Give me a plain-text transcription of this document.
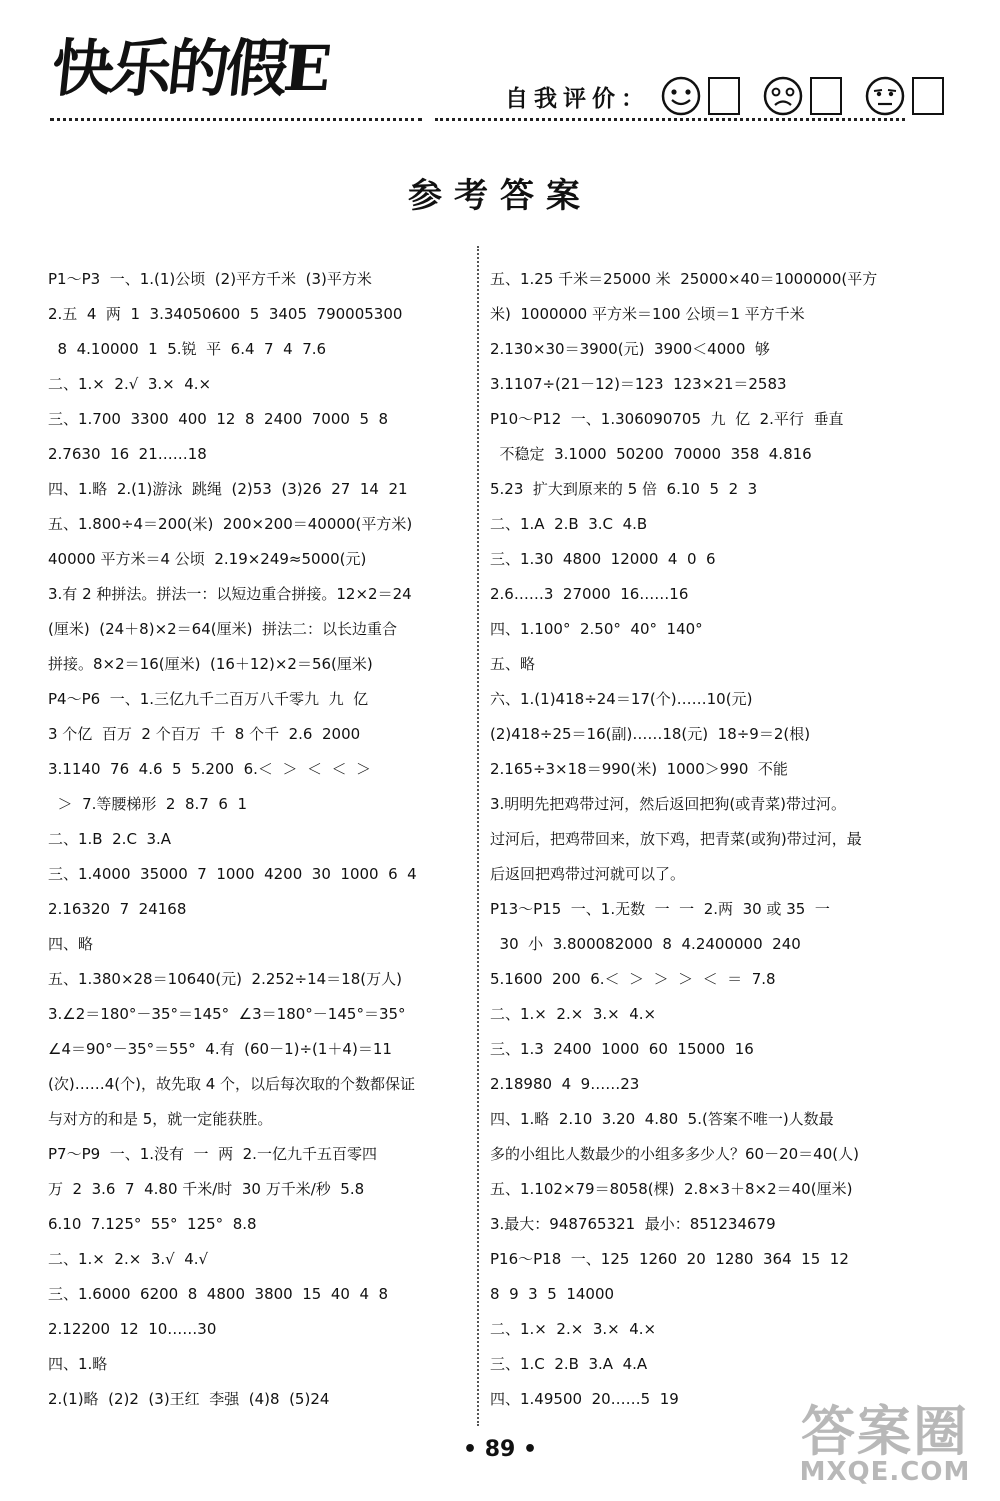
快乐的假E	自我评价：
参考答案
P1～P3  一、1.(1)公顷  (2)平方千米  (3)平方米
2.五  4  两  1  3.34050600  5  3405  790005300
8  4.10000  1  5.锐  平  6.4  7  4  7.6
二、1.×  2.√  3.×  4.×
三、1.700  3300  400  12  8  2400  7000  5  8
2.7630  16  21……18
四、1.略  2.(1)游泳  跳绳  (2)53  (3)26  27  14  21
五、1.800÷4＝200(米)  200×200＝40000(平方米)
40000 平方米＝4 公顷  2.19×249≈5000(元)
3.有 2 种拼法。拼法一：以短边重合拼接。12×2＝24
(厘米)  (24＋8)×2＝64(厘米)  拼法二：以长边重合
拼接。8×2＝16(厘米)  (16＋12)×2＝56(厘米)
P4～P6  一、1.三亿九千二百万八千零九  九  亿
3 个亿  百万  2 个百万  千  8 个千  2.6  2000
3.1140  76  4.6  5  5.200  6.＜  ＞  ＜  ＜  ＞
＞  7.等腰梯形  2  8.7  6  1
二、1.B  2.C  3.A
三、1.4000  35000  7  1000  4200  30  1000  6  4
2.16320  7  24168
四、略
五、1.380×28＝10640(元)  2.252÷14＝18(万人)
3.∠2＝180°－35°＝145°  ∠3＝180°－145°＝35°
∠4＝90°－35°＝55°  4.有  (60－1)÷(1＋4)＝11
(次)……4(个)，故先取 4 个，以后每次取的个数都保证
与对方的和是 5，就一定能获胜。
P7～P9  一、1.没有  一  两  2.一亿九千五百零四
万  2  3.6  7  4.80 千米/时  30 万千米/秒  5.8
6.10  7.125°  55°  125°  8.8
二、1.×  2.×  3.√  4.√
三、1.6000  6200  8  4800  3800  15  40  4  8
2.12200  12  10……30
四、1.略
2.(1)略  (2)2  (3)王红  李强  (4)8  (5)24
五、1.25 千米＝25000 米  25000×40＝1000000(平方
米)  1000000 平方米＝100 公顷＝1 平方千米
2.130×30＝3900(元)  3900＜4000  够
3.1107÷(21－12)＝123  123×21＝2583
P10～P12  一、1.306090705  九  亿  2.平行  垂直
不稳定  3.1000  50200  70000  358  4.816
5.23  扩大到原来的 5 倍  6.10  5  2  3
二、1.A  2.B  3.C  4.B
三、1.30  4800  12000  4  0  6
2.6……3  27000  16……16
四、1.100°  2.50°  40°  140°
五、略
六、1.(1)418÷24＝17(个)……10(元)
(2)418÷25＝16(副)……18(元)  18÷9＝2(根)
2.165÷3×18＝990(米)  1000＞990  不能
3.明明先把鸡带过河，然后返回把狗(或青菜)带过河。
过河后，把鸡带回来，放下鸡，把青菜(或狗)带过河，最
后返回把鸡带过河就可以了。
P13～P15  一、1.无数  一  一  2.两  30 或 35  一
30  小  3.800082000  8  4.2400000  240
5.1600  200  6.＜  ＞  ＞  ＞  ＜  ＝  7.8
二、1.×  2.×  3.×  4.×
三、1.3  2400  1000  60  15000  16
2.18980  4  9……23
四、1.略  2.10  3.20  4.80  5.(答案不唯一)人数最
多的小组比人数最少的小组多多少人？60－20＝40(人)
五、1.102×79＝8058(棵)  2.8×3＋8×2＝40(厘米)
3.最大：948765321  最小：851234679
P16～P18  一、125  1260  20  1280  364  15  12
8  9  3  5  14000
二、1.×  2.×  3.×  4.×
三、1.C  2.B  3.A  4.A
四、1.49500  20……5  19
• 89 •	答案圈
MXQE.COM
